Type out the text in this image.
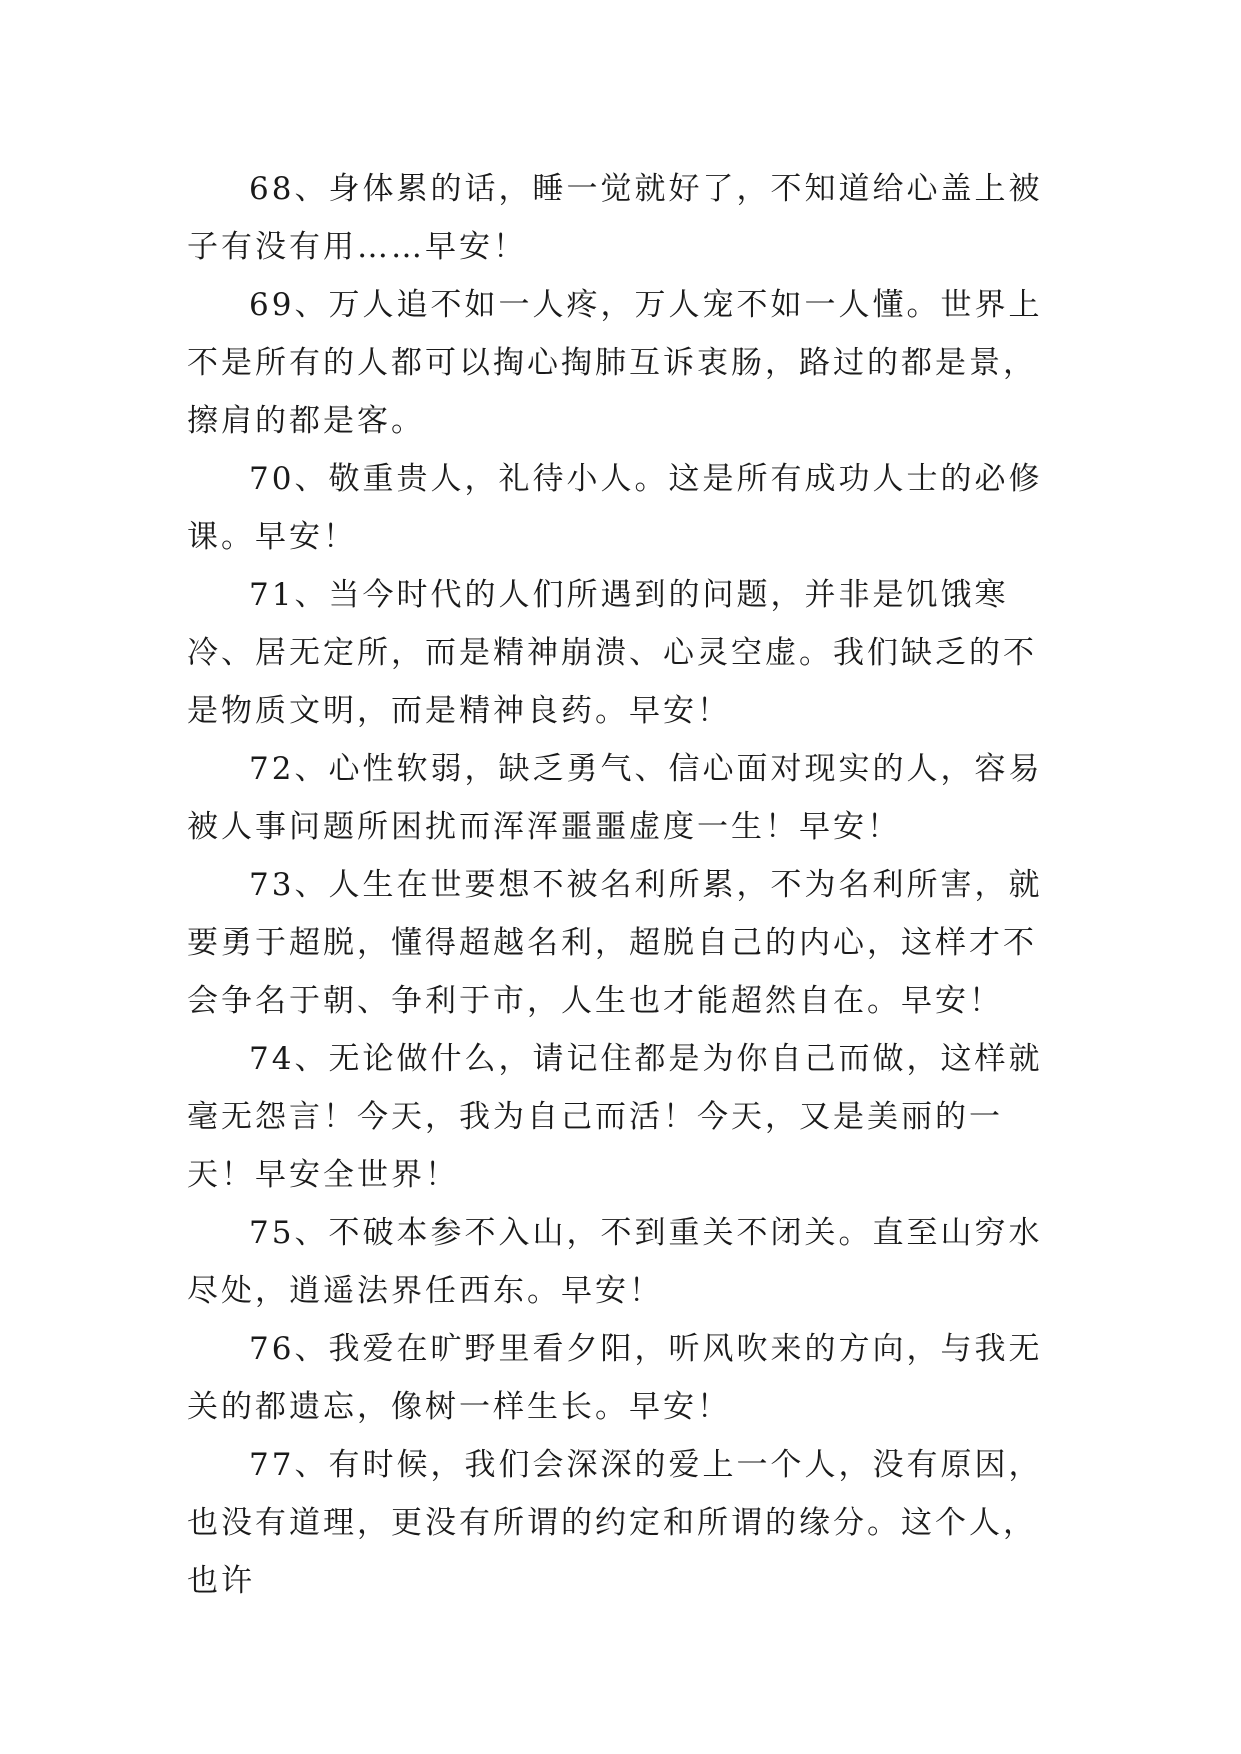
68、身体累的话，睡一觉就好了，不知道给心盖上被子有没有用……早安！

69、万人追不如一人疼，万人宠不如一人懂。世界上不是所有的人都可以掏心掏肺互诉衷肠，路过的都是景，擦肩的都是客。

70、敬重贵人，礼待小人。这是所有成功人士的必修课。早安！

71、当今时代的人们所遇到的问题，并非是饥饿寒冷、居无定所，而是精神崩溃、心灵空虚。我们缺乏的不是物质文明，而是精神良药。早安！

72、心性软弱，缺乏勇气、信心面对现实的人，容易被人事问题所困扰而浑浑噩噩虚度一生！早安！

73、人生在世要想不被名利所累，不为名利所害，就要勇于超脱，懂得超越名利，超脱自己的内心，这样才不会争名于朝、争利于市，人生也才能超然自在。早安！

74、无论做什么，请记住都是为你自己而做，这样就毫无怨言！今天，我为自己而活！今天，又是美丽的一天！早安全世界！

75、不破本参不入山，不到重关不闭关。直至山穷水尽处，逍遥法界任西东。早安！

76、我爱在旷野里看夕阳，听风吹来的方向，与我无关的都遗忘，像树一样生长。早安！

77、有时候，我们会深深的爱上一个人，没有原因，也没有道理，更没有所谓的约定和所谓的缘分。这个人，也许
